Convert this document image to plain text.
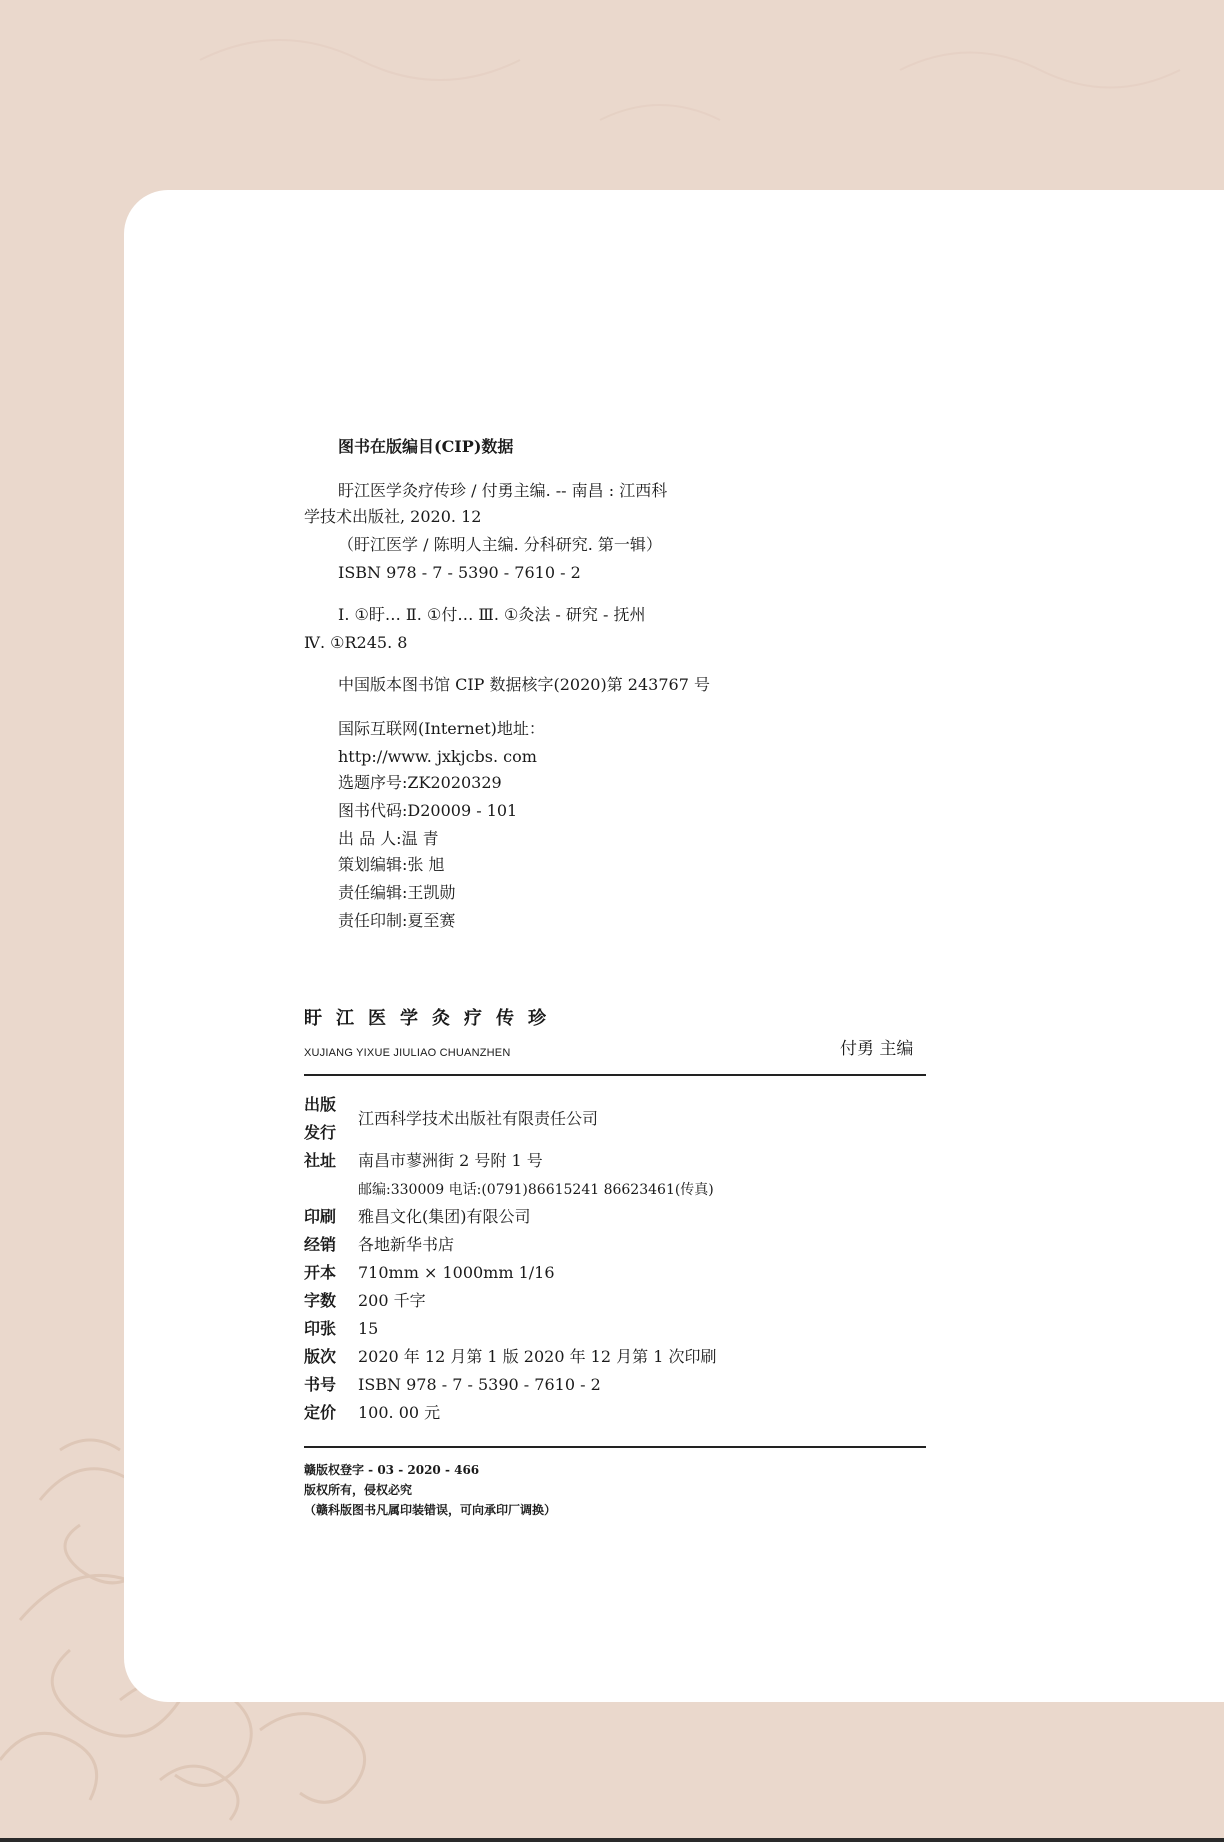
图书在版编目(CIP)数据
盱江医学灸疗传珍 / 付勇主编. -- 南昌 : 江西科
学技术出版社, 2020. 12
（盱江医学 / 陈明人主编. 分科研究. 第一辑）
ISBN 978 - 7 - 5390 - 7610 - 2
Ⅰ. ①盱… Ⅱ. ①付… Ⅲ. ①灸法 - 研究 - 抚州
Ⅳ. ①R245. 8
中国版本图书馆 CIP 数据核字(2020)第 243767 号
国际互联网(Internet)地址：
http://www. jxkjcbs. com
选题序号:ZK2020329
图书代码:D20009 - 101
出 品 人:温 青
策划编辑:张 旭
责任编辑:王凯勋
责任印制:夏至赛
盱江医学灸疗传珍
XUJIANG YIXUE JIULIAO CHUANZHEN	付勇 主编
出版
发行
江西科学技术出版社有限责任公司
社址 南昌市蓼洲街 2 号附 1 号
邮编:330009 电话:(0791)86615241 86623461(传真)
印刷 雅昌文化(集团)有限公司
经销 各地新华书店
开本 710mm × 1000mm 1/16
字数 200 千字
印张 15
版次 2020 年 12 月第 1 版 2020 年 12 月第 1 次印刷
书号 ISBN 978 - 7 - 5390 - 7610 - 2
定价 100. 00 元
赣版权登字 - 03 - 2020 - 466
版权所有，侵权必究
（赣科版图书凡属印装错误，可向承印厂调换）
